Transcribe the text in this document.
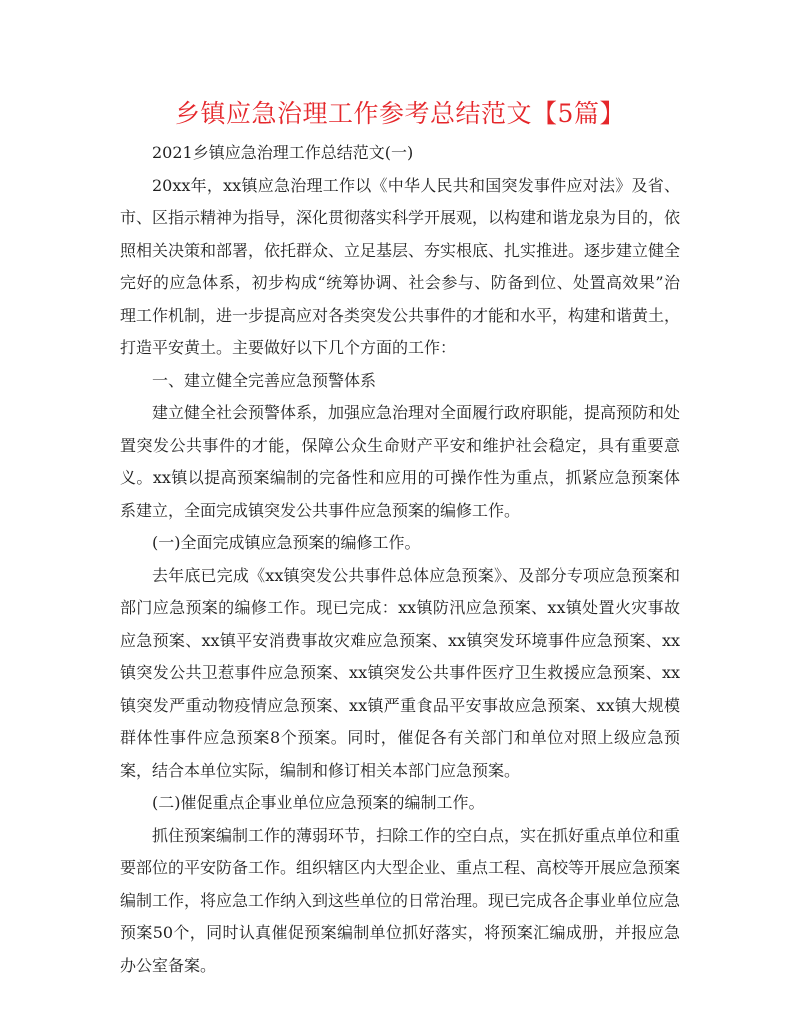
乡镇应急治理工作参考总结范文【5篇】

2021乡镇应急治理工作总结范文(一)

20xx年，xx镇应急治理工作以《中华人民共和国突发事件应对法》及省、市、区指示精神为指导，深化贯彻落实科学开展观，以构建和谐龙泉为目的，依照相关决策和部署，依托群众、立足基层、夯实根底、扎实推进。逐步建立健全完好的应急体系，初步构成“统筹协调、社会参与、防备到位、处置高效果”治理工作机制，进一步提高应对各类突发公共事件的才能和水平，构建和谐黄土，打造平安黄土。主要做好以下几个方面的工作：

一、建立健全完善应急预警体系

建立健全社会预警体系，加强应急治理对全面履行政府职能，提高预防和处置突发公共事件的才能，保障公众生命财产平安和维护社会稳定，具有重要意义。xx镇以提高预案编制的完备性和应用的可操作性为重点，抓紧应急预案体系建立，全面完成镇突发公共事件应急预案的编修工作。

(一)全面完成镇应急预案的编修工作。

去年底已完成《xx镇突发公共事件总体应急预案》、及部分专项应急预案和部门应急预案的编修工作。现已完成：xx镇防汛应急预案、xx镇处置火灾事故应急预案、xx镇平安消费事故灾难应急预案、xx镇突发环境事件应急预案、xx镇突发公共卫惹事件应急预案、xx镇突发公共事件医疗卫生救援应急预案、xx镇突发严重动物疫情应急预案、xx镇严重食品平安事故应急预案、xx镇大规模群体性事件应急预案8个预案。同时，催促各有关部门和单位对照上级应急预案，结合本单位实际，编制和修订相关本部门应急预案。

(二)催促重点企事业单位应急预案的编制工作。

抓住预案编制工作的薄弱环节，扫除工作的空白点，实在抓好重点单位和重要部位的平安防备工作。组织辖区内大型企业、重点工程、高校等开展应急预案编制工作，将应急工作纳入到这些单位的日常治理。现已完成各企事业单位应急预案50个，同时认真催促预案编制单位抓好落实，将预案汇编成册，并报应急办公室备案。
